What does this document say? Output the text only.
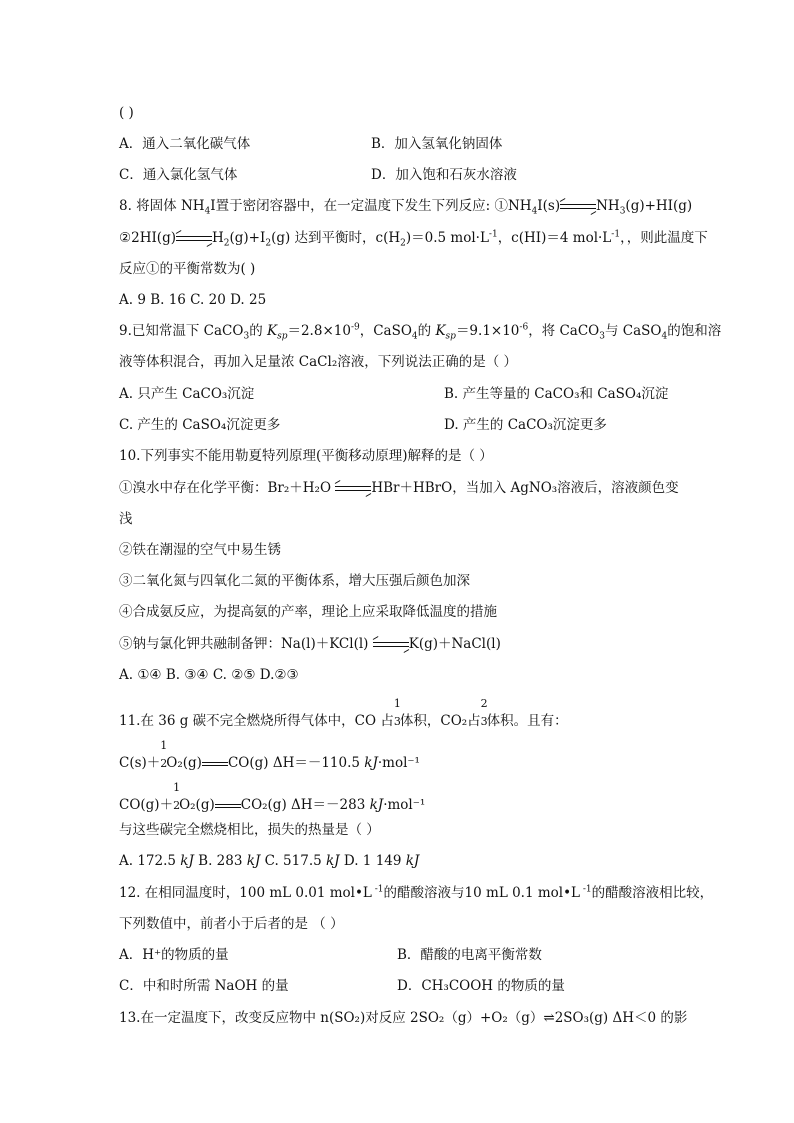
( )
A．通入二氧化碳气体	B．加入氢氧化钠固体
C．通入氯化氢气体	D．加入饱和石灰水溶液
8. 将固体 $NH_4I$置于密闭容器中，在一定温度下发生下列反应: $①NH_4I(s)$	$NH_3(g)+HI(g)$
②2HI(g)	$H_2(g)+I_2(g)$ 达到平衡时，$c(H_2)=0.5$ $mol\cdot L^{-1}$，c(HI)＝4 $mol\cdot L^{-1}$，，则此温度下
反应①的平衡常数为( )
A. 9 B. 16 C. 20 D. 25
9.已知常温下 CaCO$_3$的 $K_{sp}=2.8\times 10^{-9}$，CaSO$_4$的 $K_{sp}=9.1\times 10^{-6}$，将 CaCO$_3$与 CaSO$_4$的饱和溶
液等体积混合，再加入足量浓 CaCl₂溶液，下列说法正确的是（ ）
A. 只产生 CaCO₃沉淀	B. 产生等量的 CaCO₃和 CaSO₄沉淀
C. 产生的 CaSO₄沉淀更多	D. 产生的 CaCO₃沉淀更多
10.下列事实不能用勒夏特列原理(平衡移动原理)解释的是（ ）
①溴水中存在化学平衡：Br₂＋H₂O	HBr＋HBrO，当加入 AgNO₃溶液后，溶液颜色变
浅
②铁在潮湿的空气中易生锈
③二氧化氮与四氧化二氮的平衡体系，增大压强后颜色加深
④合成氨反应，为提高氨的产率，理论上应采取降低温度的措施
⑤钠与氯化钾共融制备钾：Na(l)＋KCl(l)	K(g)＋NaCl(l)
A. ①④ B. ③④ C. ②⑤ D.②③
11.在 36 g 碳不完全燃烧所得气体中，CO 占
1
3体积，CO₂占
2
3体积。且有：
C(s)＋
1
2O₂(g) CO(g) ΔH＝－110.5 kJ·mol⁻¹
CO(g)＋
1
2O₂(g) CO₂(g) ΔH＝－283 kJ·mol⁻¹
与这些碳完全燃烧相比，损失的热量是（ ）
A. 172.5 kJ B. 283 kJ C. 517.5 kJ D. 1 149 kJ
12. 在相同温度时，100 mL 0.01 mol•L $^{-1}$的醋酸溶液与10 mL 0.1 mol•L $^{-1}$的醋酸溶液相比较，
下列数值中，前者小于后者的是 （ ）
A．H⁺的物质的量	B．醋酸的电离平衡常数
C．中和时所需 NaOH 的量	D．CH₃COOH 的物质的量
13.在一定温度下，改变反应物中 n(SO₂)对反应 2SO₂（g）+O₂（g）⇌2SO₃(g) ΔH＜0 的影
